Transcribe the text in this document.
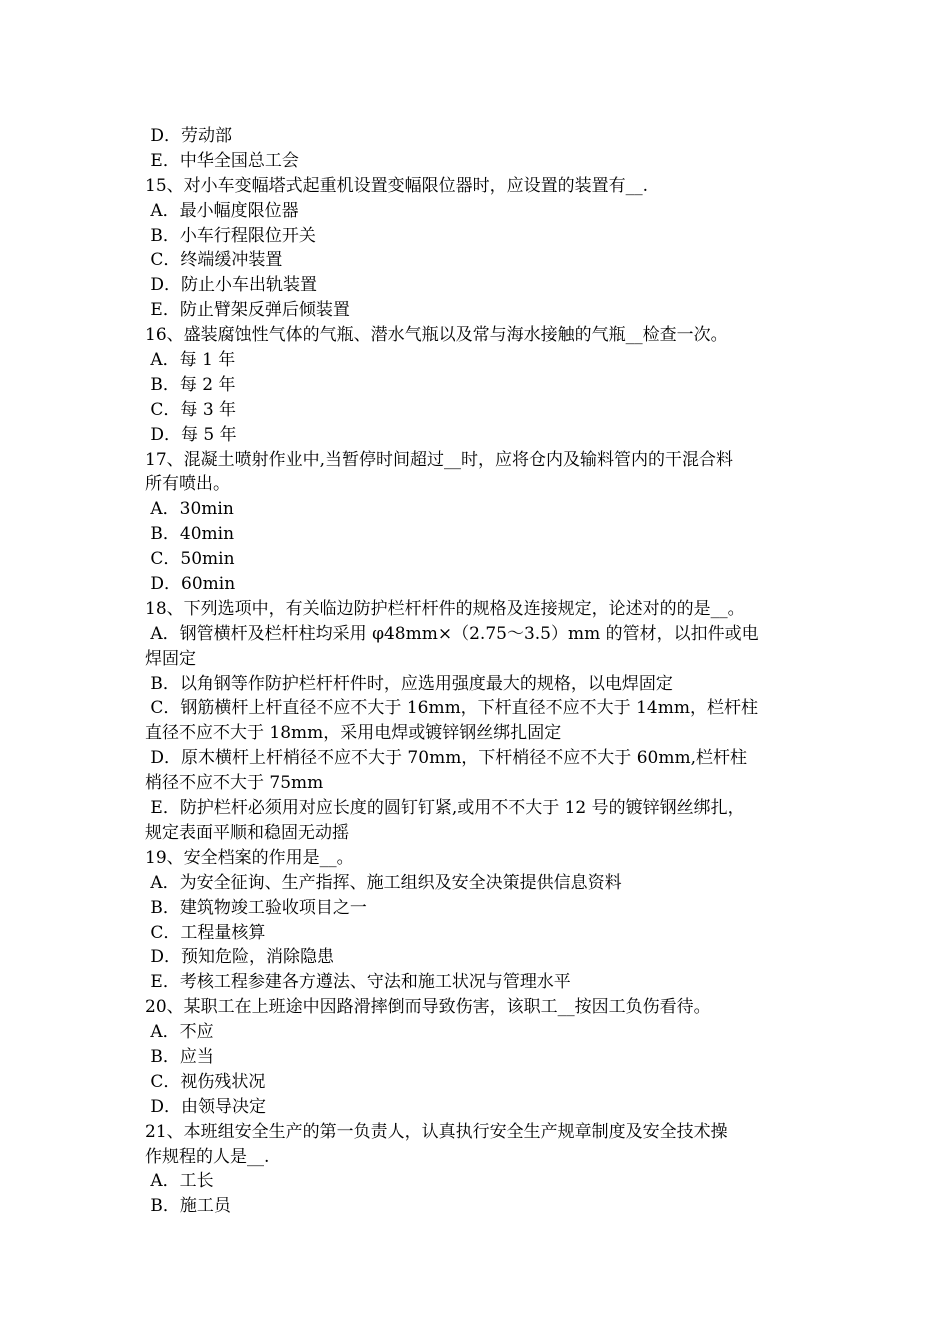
D．劳动部
E．中华全国总工会
15、对小车变幅塔式起重机设置变幅限位器时，应设置的装置有__.
A．最小幅度限位器
B．小车行程限位开关
C．终端缓冲装置
D．防止小车出轨装置
E．防止臂架反弹后倾装置
16、盛装腐蚀性气体的气瓶、潜水气瓶以及常与海水接触的气瓶__检查一次。
A．每 1 年
B．每 2 年
C．每 3 年
D．每 5 年
17、混凝土喷射作业中,当暂停时间超过__时，应将仓内及输料管内的干混合料
所有喷出。
A．30min
B．40min
C．50min
D．60min
18、下列选项中，有关临边防护栏杆杆件的规格及连接规定，论述对的的是__。
A．钢管横杆及栏杆柱均采用 φ48mm×（2.75～3.5）mm 的管材，以扣件或电
焊固定
B．以角钢等作防护栏杆杆件时，应选用强度最大的规格，以电焊固定
C．钢筋横杆上杆直径不应不大于 16mm，下杆直径不应不大于 14mm，栏杆柱
直径不应不大于 18mm，采用电焊或镀锌钢丝绑扎固定
D．原木横杆上杆梢径不应不大于 70mm，下杆梢径不应不大于 60mm,栏杆柱
梢径不应不大于 75mm
E．防护栏杆必须用对应长度的圆钉钉紧,或用不不大于 12 号的镀锌钢丝绑扎，
规定表面平顺和稳固无动摇
19、安全档案的作用是__。
A．为安全征询、生产指挥、施工组织及安全决策提供信息资料
B．建筑物竣工验收项目之一
C．工程量核算
D．预知危险，消除隐患
E．考核工程参建各方遵法、守法和施工状况与管理水平
20、某职工在上班途中因路滑摔倒而导致伤害，该职工__按因工负伤看待。
A．不应
B．应当
C．视伤残状况
D．由领导决定
21、本班组安全生产的第一负责人，认真执行安全生产规章制度及安全技术操
作规程的人是__.
A．工长
B．施工员
